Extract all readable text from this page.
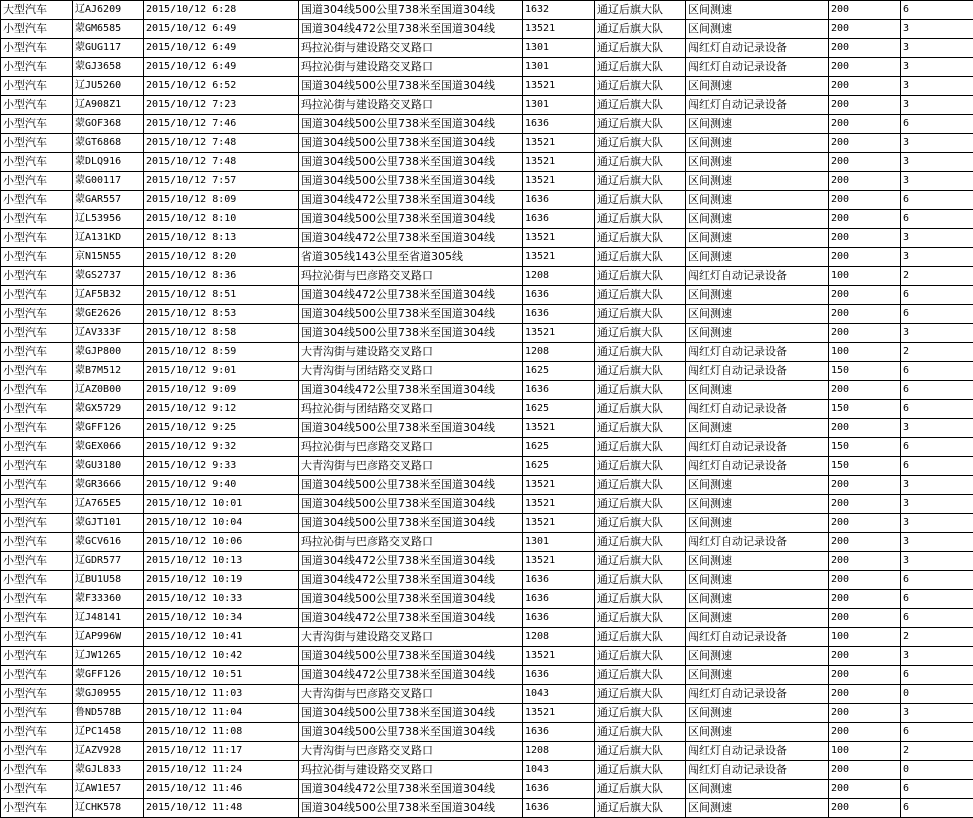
大型汽车	辽AJ6209	2015/10/12 6:28	国道304线500公里738米至国道304线	1632	通辽后旗大队	区间测速	200	6
小型汽车	蒙GM6585	2015/10/12 6:49	国道304线472公里738米至国道304线	13521	通辽后旗大队	区间测速	200	3
小型汽车	蒙GUG117	2015/10/12 6:49	玛拉沁街与建设路交叉路口	1301	通辽后旗大队	闯红灯自动记录设备	200	3
小型汽车	蒙GJ3658	2015/10/12 6:49	玛拉沁街与建设路交叉路口	1301	通辽后旗大队	闯红灯自动记录设备	200	3
小型汽车	辽JU5260	2015/10/12 6:52	国道304线500公里738米至国道304线	13521	通辽后旗大队	区间测速	200	3
小型汽车	辽A908Z1	2015/10/12 7:23	玛拉沁街与建设路交叉路口	1301	通辽后旗大队	闯红灯自动记录设备	200	3
小型汽车	蒙GOF368	2015/10/12 7:46	国道304线500公里738米至国道304线	1636	通辽后旗大队	区间测速	200	6
小型汽车	蒙GT6868	2015/10/12 7:48	国道304线500公里738米至国道304线	13521	通辽后旗大队	区间测速	200	3
小型汽车	蒙DLQ916	2015/10/12 7:48	国道304线500公里738米至国道304线	13521	通辽后旗大队	区间测速	200	3
小型汽车	蒙G00117	2015/10/12 7:57	国道304线500公里738米至国道304线	13521	通辽后旗大队	区间测速	200	3
小型汽车	蒙GAR557	2015/10/12 8:09	国道304线472公里738米至国道304线	1636	通辽后旗大队	区间测速	200	6
小型汽车	辽L53956	2015/10/12 8:10	国道304线500公里738米至国道304线	1636	通辽后旗大队	区间测速	200	6
小型汽车	辽A131KD	2015/10/12 8:13	国道304线472公里738米至国道304线	13521	通辽后旗大队	区间测速	200	3
小型汽车	京N15N55	2015/10/12 8:20	省道305线143公里至省道305线	13521	通辽后旗大队	区间测速	200	3
小型汽车	蒙GS2737	2015/10/12 8:36	玛拉沁街与巴彦路交叉路口	1208	通辽后旗大队	闯红灯自动记录设备	100	2
小型汽车	辽AF5B32	2015/10/12 8:51	国道304线472公里738米至国道304线	1636	通辽后旗大队	区间测速	200	6
小型汽车	蒙GE2626	2015/10/12 8:53	国道304线500公里738米至国道304线	1636	通辽后旗大队	区间测速	200	6
小型汽车	辽AV333F	2015/10/12 8:58	国道304线500公里738米至国道304线	13521	通辽后旗大队	区间测速	200	3
小型汽车	蒙GJP800	2015/10/12 8:59	大青沟街与建设路交叉路口	1208	通辽后旗大队	闯红灯自动记录设备	100	2
小型汽车	蒙B7M512	2015/10/12 9:01	大青沟街与团结路交叉路口	1625	通辽后旗大队	闯红灯自动记录设备	150	6
小型汽车	辽AZ0B00	2015/10/12 9:09	国道304线472公里738米至国道304线	1636	通辽后旗大队	区间测速	200	6
小型汽车	蒙GX5729	2015/10/12 9:12	玛拉沁街与团结路交叉路口	1625	通辽后旗大队	闯红灯自动记录设备	150	6
小型汽车	蒙GFF126	2015/10/12 9:25	国道304线500公里738米至国道304线	13521	通辽后旗大队	区间测速	200	3
小型汽车	蒙GEX066	2015/10/12 9:32	玛拉沁街与巴彦路交叉路口	1625	通辽后旗大队	闯红灯自动记录设备	150	6
小型汽车	蒙GU3180	2015/10/12 9:33	大青沟街与巴彦路交叉路口	1625	通辽后旗大队	闯红灯自动记录设备	150	6
小型汽车	蒙GR3666	2015/10/12 9:40	国道304线500公里738米至国道304线	13521	通辽后旗大队	区间测速	200	3
小型汽车	辽A765E5	2015/10/12 10:01	国道304线500公里738米至国道304线	13521	通辽后旗大队	区间测速	200	3
小型汽车	蒙GJT101	2015/10/12 10:04	国道304线500公里738米至国道304线	13521	通辽后旗大队	区间测速	200	3
小型汽车	蒙GCV616	2015/10/12 10:06	玛拉沁街与巴彦路交叉路口	1301	通辽后旗大队	闯红灯自动记录设备	200	3
小型汽车	辽GDR577	2015/10/12 10:13	国道304线472公里738米至国道304线	13521	通辽后旗大队	区间测速	200	3
小型汽车	辽BU1U58	2015/10/12 10:19	国道304线472公里738米至国道304线	1636	通辽后旗大队	区间测速	200	6
小型汽车	蒙F33360	2015/10/12 10:33	国道304线500公里738米至国道304线	1636	通辽后旗大队	区间测速	200	6
小型汽车	辽J48141	2015/10/12 10:34	国道304线472公里738米至国道304线	1636	通辽后旗大队	区间测速	200	6
小型汽车	辽AP996W	2015/10/12 10:41	大青沟街与建设路交叉路口	1208	通辽后旗大队	闯红灯自动记录设备	100	2
小型汽车	辽JW1265	2015/10/12 10:42	国道304线500公里738米至国道304线	13521	通辽后旗大队	区间测速	200	3
小型汽车	蒙GFF126	2015/10/12 10:51	国道304线472公里738米至国道304线	1636	通辽后旗大队	区间测速	200	6
小型汽车	蒙GJ0955	2015/10/12 11:03	大青沟街与巴彦路交叉路口	1043	通辽后旗大队	闯红灯自动记录设备	200	0
小型汽车	鲁ND578B	2015/10/12 11:04	国道304线500公里738米至国道304线	13521	通辽后旗大队	区间测速	200	3
小型汽车	辽PC1458	2015/10/12 11:08	国道304线500公里738米至国道304线	1636	通辽后旗大队	区间测速	200	6
小型汽车	辽AZV928	2015/10/12 11:17	大青沟街与巴彦路交叉路口	1208	通辽后旗大队	闯红灯自动记录设备	100	2
小型汽车	蒙GJL833	2015/10/12 11:24	玛拉沁街与建设路交叉路口	1043	通辽后旗大队	闯红灯自动记录设备	200	0
小型汽车	辽AW1E57	2015/10/12 11:46	国道304线472公里738米至国道304线	1636	通辽后旗大队	区间测速	200	6
小型汽车	辽CHK578	2015/10/12 11:48	国道304线500公里738米至国道304线	1636	通辽后旗大队	区间测速	200	6
